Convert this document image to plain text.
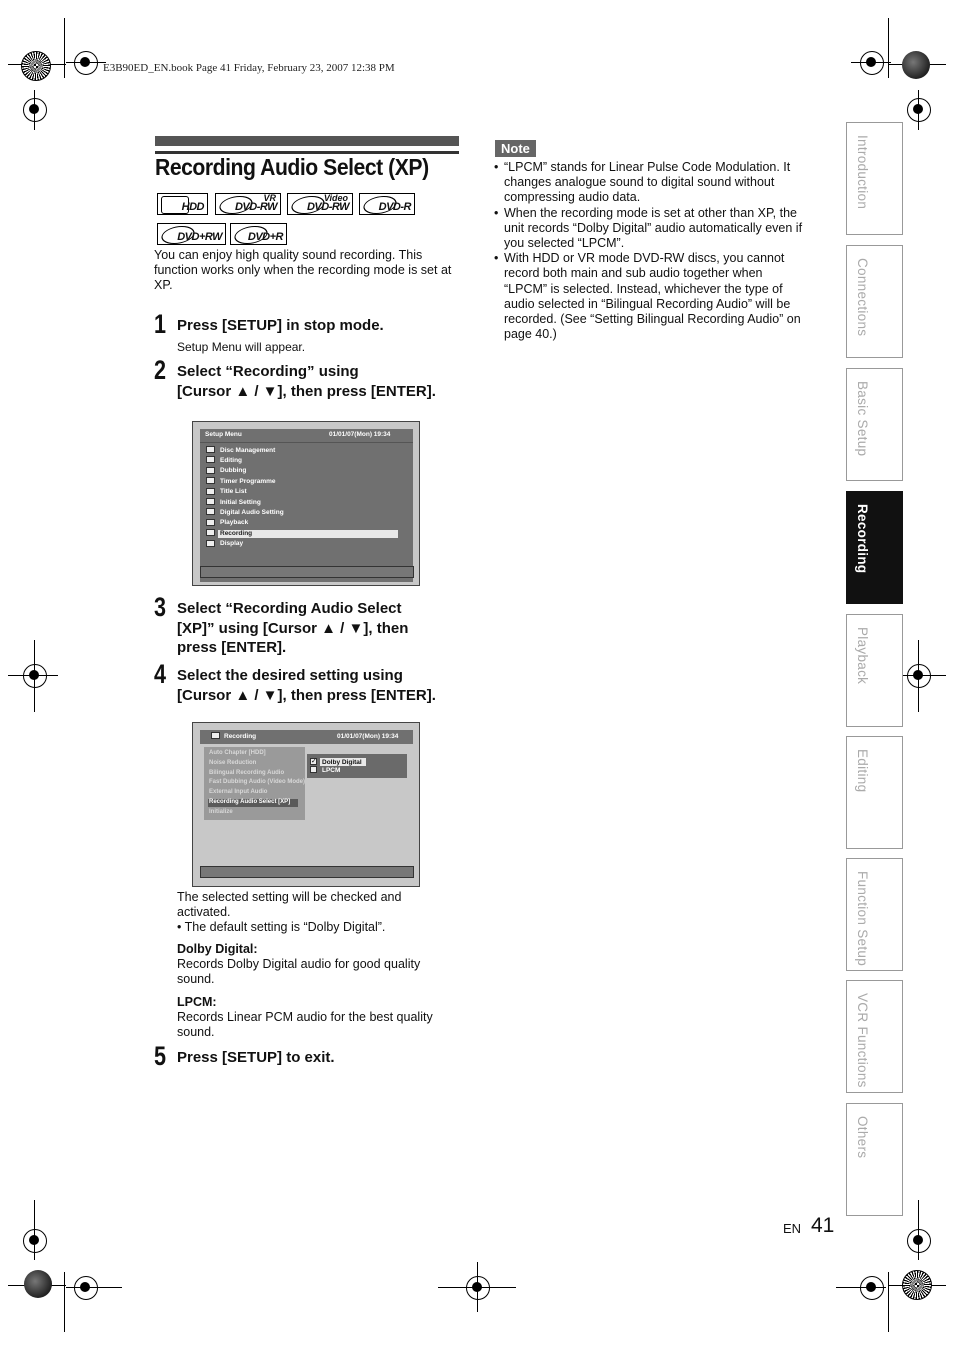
E3B90ED_EN.book Page 41 Friday, February 23, 2007 12:38 PM
Recording Audio Select (XP)
HDD
VR
DVD-RW
Video
DVD-RW	DVD-R
DVD+RW DVD+R
You can enjoy high quality sound recording. This function works only when the recording mode is set at XP.
1 Press [SETUP] in stop mode.
Setup Menu will appear.
2 Select “Recording” using
[Cursor ▲ / ▼], then press [ENTER].
Setup Menu	01/01/07(Mon) 19:34
Disc Management
Editing
Dubbing
Timer Programme
Title List
Initial Setting
Digital Audio Setting
Playback
Recording
Display
3 Select “Recording Audio Select
[XP]” using [Cursor ▲ / ▼], then
press [ENTER].
4 Select the desired setting using
[Cursor ▲ / ▼], then press [ENTER].
Recording	01/01/07(Mon) 19:34
Auto Chapter [HDD]
Noise Reduction
Bilingual Recording Audio
Fast Dubbing Audio (Video Mode)
External Input Audio
Recording Audio Select [XP]
Initialize
✓ Dolby Digital
LPCM
The selected setting will be checked and
activated.
• The default setting is “Dolby Digital”.
Dolby Digital:
Records Dolby Digital audio for good quality
sound.
LPCM:
Records Linear PCM audio for the best quality
sound.
5 Press [SETUP] to exit.
Note
• “LPCM” stands for Linear Pulse Code Modulation. It changes analogue sound to digital sound without compressing audio data.
• When the recording mode is set at other than XP, the unit records “Dolby Digital” audio automatically even if you selected “LPCM”.
• With HDD or VR mode DVD-RW discs, you cannot record both main and sub audio together when “LPCM” is selected. Instead, whichever the type of audio selected in “Bilingual Recording Audio” will be recorded. (See “Setting Bilingual Recording Audio” on page 40.)
Introduction
Connections
Basic Setup
Recording
Playback
Editing
Function Setup
VCR Functions
Others
EN 41
